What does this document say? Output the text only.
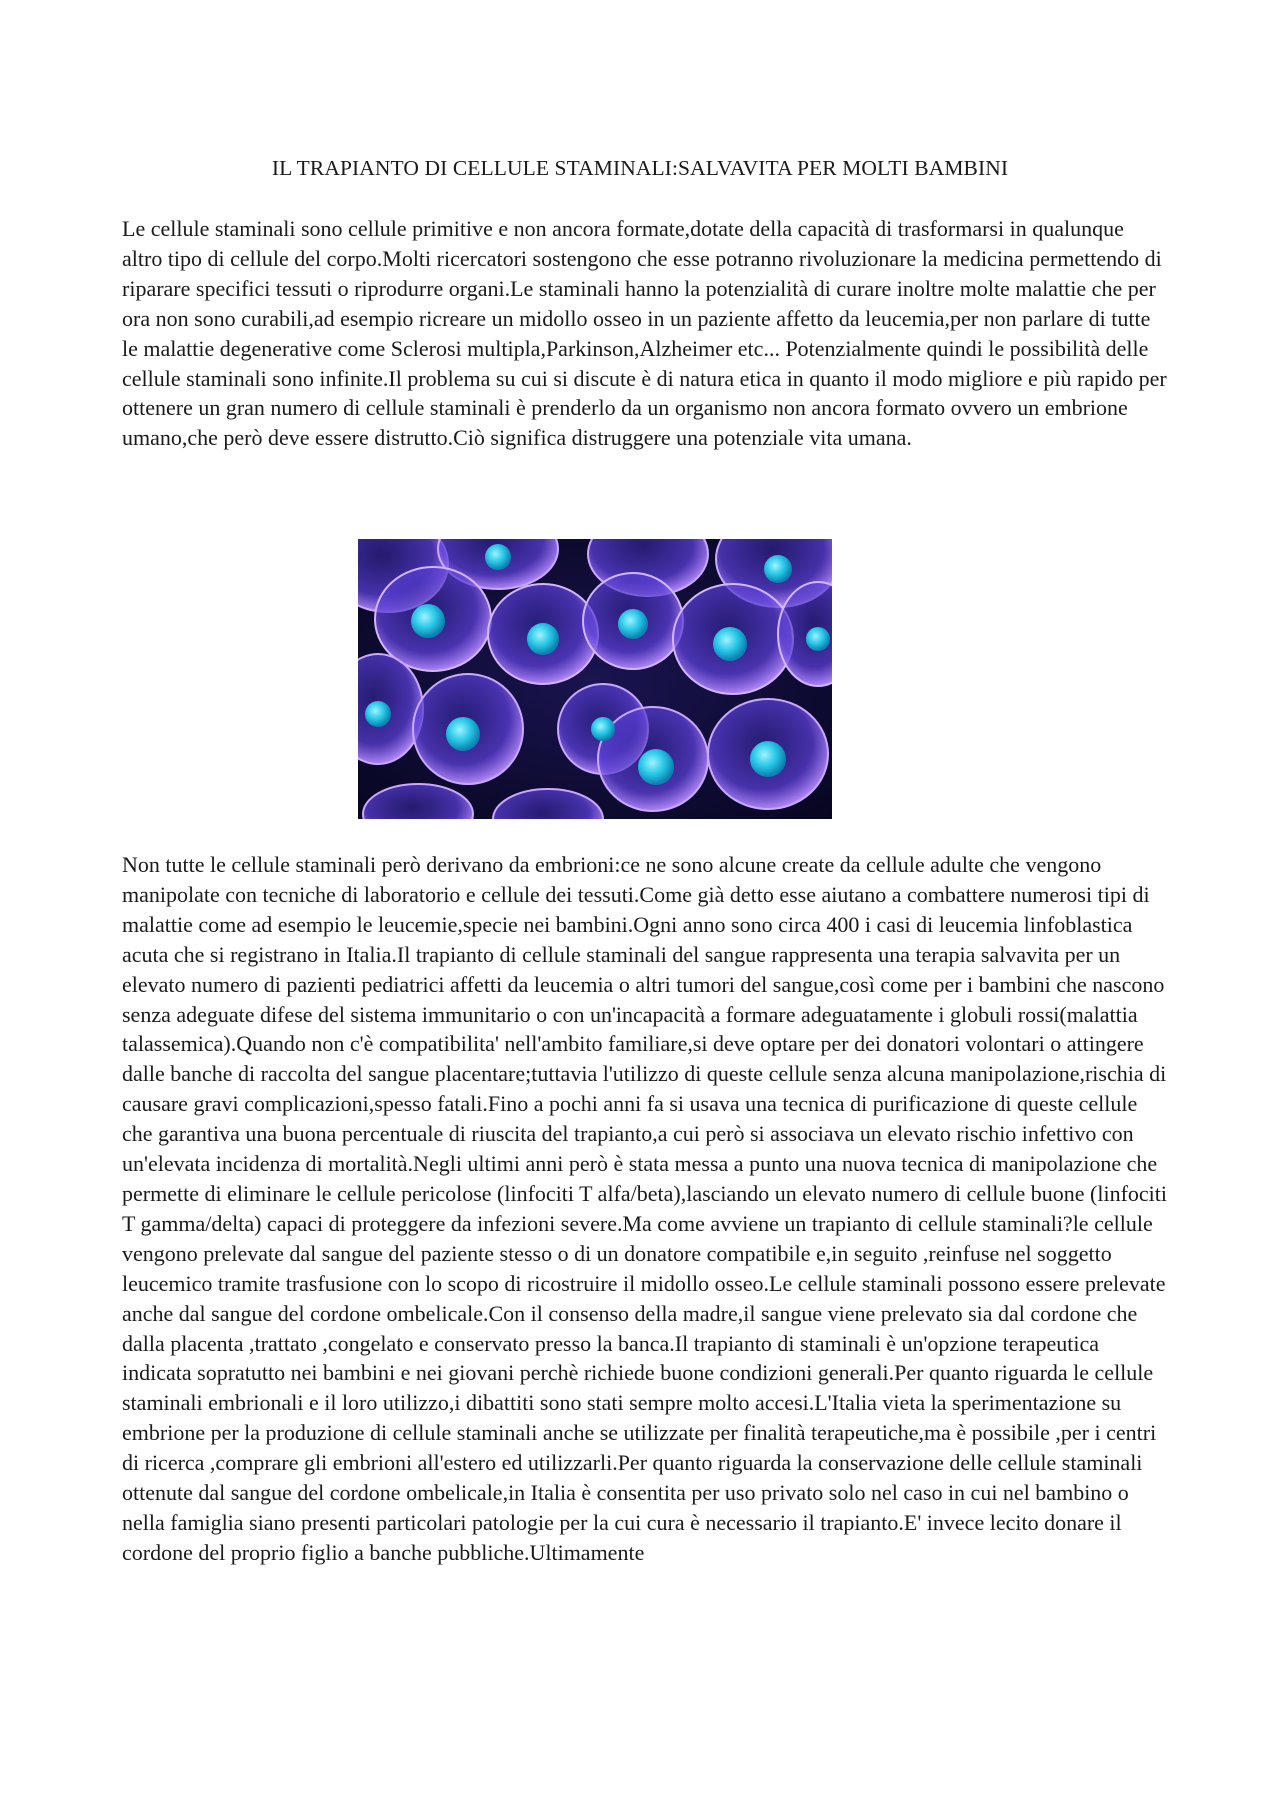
IL TRAPIANTO DI CELLULE STAMINALI:SALVAVITA PER MOLTI BAMBINI

Le cellule staminali sono cellule primitive e non ancora formate,dotate della capacità di trasformarsi in qualunque altro tipo di cellule del corpo.Molti ricercatori sostengono che esse potranno rivoluzionare la medicina permettendo di riparare specifici tessuti o riprodurre organi.Le staminali hanno la potenzialità di curare inoltre molte malattie che per ora non sono curabili,ad esempio ricreare un midollo osseo in un paziente affetto da leucemia,per non parlare di tutte le malattie degenerative come Sclerosi multipla,Parkinson,Alzheimer etc... Potenzialmente quindi le possibilità delle cellule staminali sono infinite.Il problema su cui si discute è di natura etica in quanto il modo migliore e più rapido per ottenere un gran numero di cellule staminali è prenderlo da un organismo non ancora formato ovvero un embrione umano,che però deve essere distrutto.Ciò significa distruggere una potenziale vita umana.

Non tutte le cellule staminali però derivano da embrioni:ce ne sono alcune create da cellule adulte che vengono manipolate con tecniche di laboratorio e cellule dei tessuti.Come già detto esse aiutano a combattere numerosi tipi di malattie come ad esempio le leucemie,specie nei bambini.Ogni anno sono circa 400 i casi di leucemia linfoblastica acuta che si registrano in Italia.Il trapianto di cellule staminali del sangue rappresenta una terapia salvavita per un elevato numero di pazienti pediatrici affetti da leucemia o altri tumori del sangue,così come per i bambini che nascono senza adeguate difese del sistema immunitario o con un'incapacità a formare adeguatamente i globuli rossi(malattia talassemica).Quando non c'è compatibilita' nell'ambito familiare,si deve optare per dei donatori volontari o attingere dalle banche di raccolta del sangue placentare;tuttavia l'utilizzo di queste cellule senza alcuna manipolazione,rischia di causare gravi complicazioni,spesso fatali.Fino a pochi anni fa si usava una tecnica di purificazione di queste cellule che garantiva una buona percentuale di riuscita del trapianto,a cui però si associava un elevato rischio infettivo con un'elevata incidenza di mortalità.Negli ultimi anni però è stata messa a punto una nuova tecnica di manipolazione che permette di eliminare le cellule pericolose (linfociti T alfa/beta),lasciando un elevato numero di cellule buone (linfociti T gamma/delta) capaci di proteggere da infezioni severe.Ma come avviene un trapianto di cellule staminali?le cellule vengono prelevate dal sangue del paziente stesso o di un donatore compatibile e,in seguito ,reinfuse nel soggetto leucemico tramite trasfusione con lo scopo di ricostruire il midollo osseo.Le cellule staminali possono essere prelevate anche dal sangue del cordone ombelicale.Con il consenso della madre,il sangue viene prelevato sia dal cordone che dalla placenta ,trattato ,congelato e conservato presso la banca.Il trapianto di staminali è un'opzione terapeutica indicata sopratutto nei bambini e nei giovani perchè richiede buone condizioni generali.Per quanto riguarda le cellule staminali embrionali e il loro utilizzo,i dibattiti sono stati sempre molto accesi.L'Italia vieta la sperimentazione su embrione per la produzione di cellule staminali anche se utilizzate per finalità terapeutiche,ma è possibile ,per i centri di ricerca ,comprare gli embrioni all'estero ed utilizzarli.Per quanto riguarda la conservazione delle cellule staminali ottenute dal sangue del cordone ombelicale,in Italia è consentita per uso privato solo nel caso in cui nel bambino o nella famiglia siano presenti particolari patologie per la cui cura è necessario il trapianto.E' invece lecito donare il cordone del proprio figlio a banche pubbliche.Ultimamente
